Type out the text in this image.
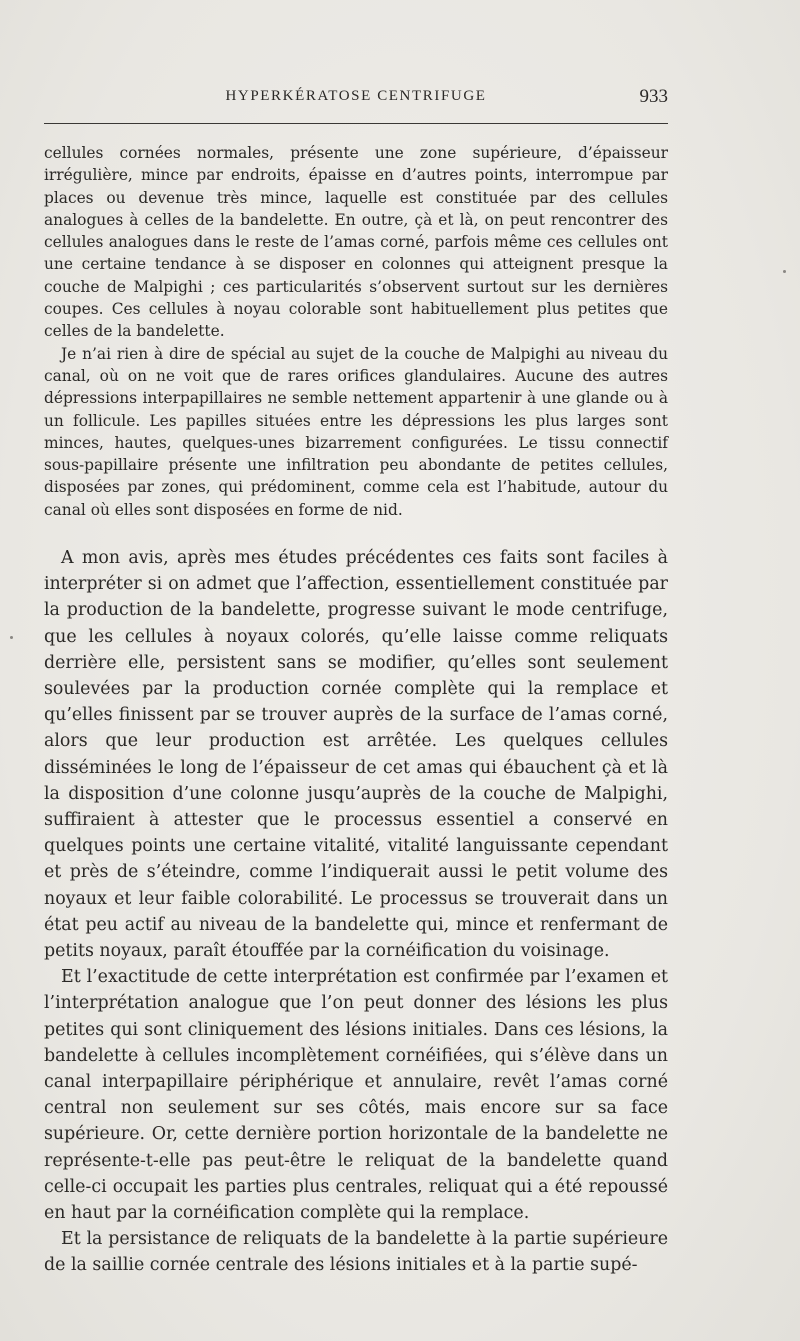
HYPERKÉRATOSE CENTRIFUGE	933

cellules cornées normales, présente une zone supérieure, d’épaisseur irrégulière, mince par endroits, épaisse en d’autres points, interrompue par places ou devenue très mince, laquelle est constituée par des cellules analogues à celles de la bandelette. En outre, çà et là, on peut rencontrer des cellules analogues dans le reste de l’amas corné, parfois même ces cellules ont une certaine tendance à se disposer en colonnes qui atteignent presque la couche de Malpighi ; ces particularités s’observent surtout sur les dernières coupes. Ces cellules à noyau colorable sont habituellement plus petites que celles de la bandelette.

Je n’ai rien à dire de spécial au sujet de la couche de Malpighi au niveau du canal, où on ne voit que de rares orifices glandulaires. Aucune des autres dépressions interpapillaires ne semble nettement appartenir à une glande ou à un follicule. Les papilles situées entre les dépressions les plus larges sont minces, hautes, quelques-unes bizarrement configurées. Le tissu connectif sous-papillaire présente une infiltration peu abondante de petites cellules, disposées par zones, qui prédominent, comme cela est l’habitude, autour du canal où elles sont disposées en forme de nid.

A mon avis, après mes études précédentes ces faits sont faciles à interpréter si on admet que l’affection, essentiellement constituée par la production de la bandelette, progresse suivant le mode centrifuge, que les cellules à noyaux colorés, qu’elle laisse comme reliquats derrière elle, persistent sans se modifier, qu’elles sont seulement soulevées par la production cornée complète qui la remplace et qu’elles finissent par se trouver auprès de la surface de l’amas corné, alors que leur production est arrêtée. Les quelques cellules disséminées le long de l’épaisseur de cet amas qui ébauchent çà et là la disposition d’une colonne jusqu’auprès de la couche de Malpighi, suffiraient à attester que le processus essentiel a conservé en quelques points une certaine vitalité, vitalité languissante cependant et près de s’éteindre, comme l’indiquerait aussi le petit volume des noyaux et leur faible colorabilité. Le processus se trouverait dans un état peu actif au niveau de la bandelette qui, mince et renfermant de petits noyaux, paraît étouffée par la cornéification du voisinage.

Et l’exactitude de cette interprétation est confirmée par l’examen et l’interprétation analogue que l’on peut donner des lésions les plus petites qui sont cliniquement des lésions initiales. Dans ces lésions, la bandelette à cellules incomplètement cornéifiées, qui s’élève dans un canal interpapillaire périphérique et annulaire, revêt l’amas corné central non seulement sur ses côtés, mais encore sur sa face supérieure. Or, cette dernière portion horizontale de la bandelette ne représente-t-elle pas peut-être le reliquat de la bandelette quand celle-ci occupait les parties plus centrales, reliquat qui a été repoussé en haut par la cornéification complète qui la remplace.

Et la persistance de reliquats de la bandelette à la partie supérieure de la saillie cornée centrale des lésions initiales et à la partie supé-
